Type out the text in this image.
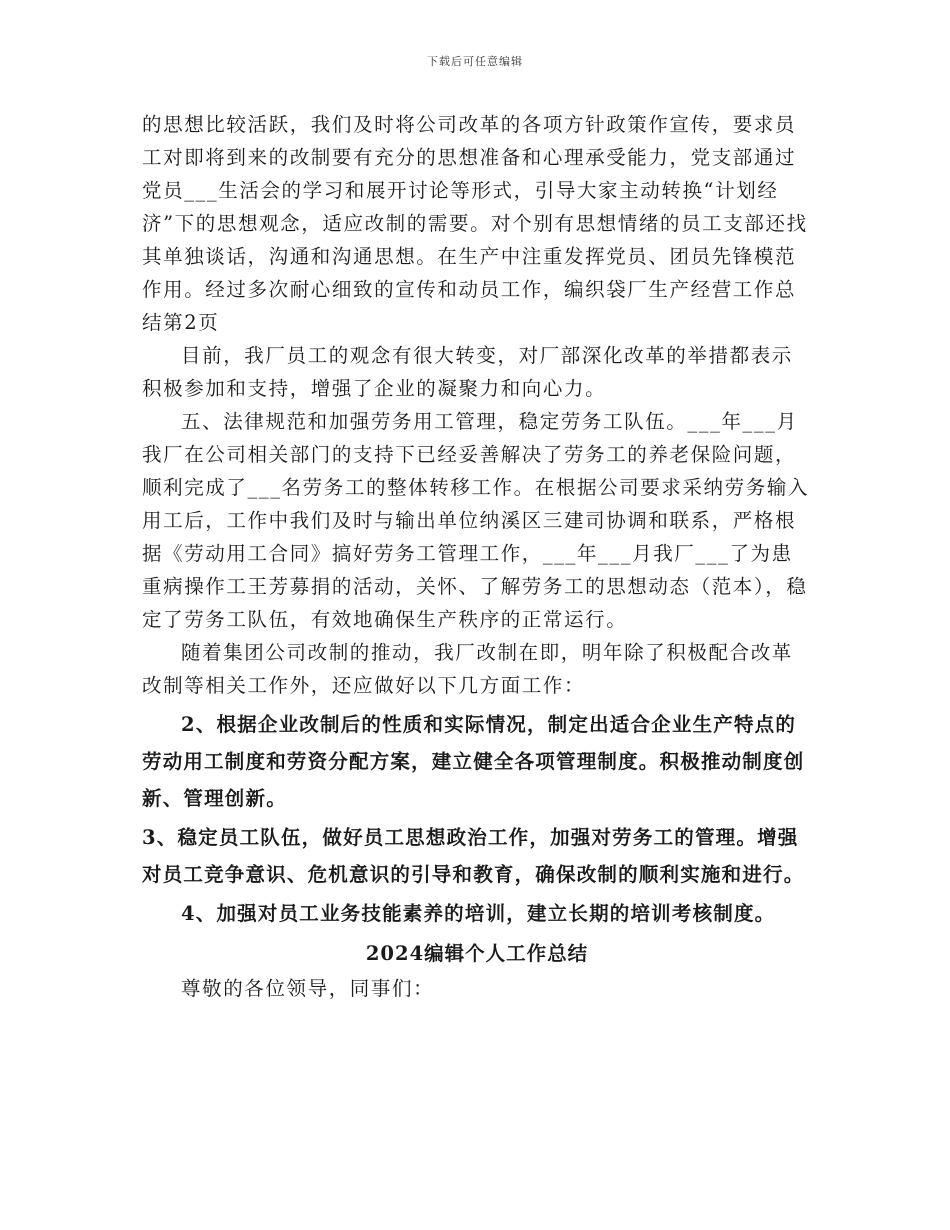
下载后可任意编辑

的思想比较活跃，我们及时将公司改革的各项方针政策作宣传，要求员工对即将到来的改制要有充分的思想准备和心理承受能力，党支部通过党员___生活会的学习和展开讨论等形式，引导大家主动转换“计划经济”下的思想观念，适应改制的需要。对个别有思想情绪的员工支部还找其单独谈话，沟通和沟通思想。在生产中注重发挥党员、团员先锋模范作用。经过多次耐心细致的宣传和动员工作，编织袋厂生产经营工作总结第2页

目前，我厂员工的观念有很大转变，对厂部深化改革的举措都表示积极参加和支持，增强了企业的凝聚力和向心力。

五、法律规范和加强劳务用工管理，稳定劳务工队伍。___年___月我厂在公司相关部门的支持下已经妥善解决了劳务工的养老保险问题，顺利完成了___名劳务工的整体转移工作。在根据公司要求采纳劳务输入用工后，工作中我们及时与输出单位纳溪区三建司协调和联系，严格根据《劳动用工合同》搞好劳务工管理工作，___年___月我厂___了为患重病操作工王芳募捐的活动，关怀、了解劳务工的思想动态（范本），稳定了劳务工队伍，有效地确保生产秩序的正常运行。

随着集团公司改制的推动，我厂改制在即，明年除了积极配合改革改制等相关工作外，还应做好以下几方面工作：

2、根据企业改制后的性质和实际情况，制定出适合企业生产特点的劳动用工制度和劳资分配方案，建立健全各项管理制度。积极推动制度创新、管理创新。

3、稳定员工队伍，做好员工思想政治工作，加强对劳务工的管理。增强对员工竞争意识、危机意识的引导和教育，确保改制的顺利实施和进行。

4、加强对员工业务技能素养的培训，建立长期的培训考核制度。

2024编辑个人工作总结

尊敬的各位领导，同事们：
